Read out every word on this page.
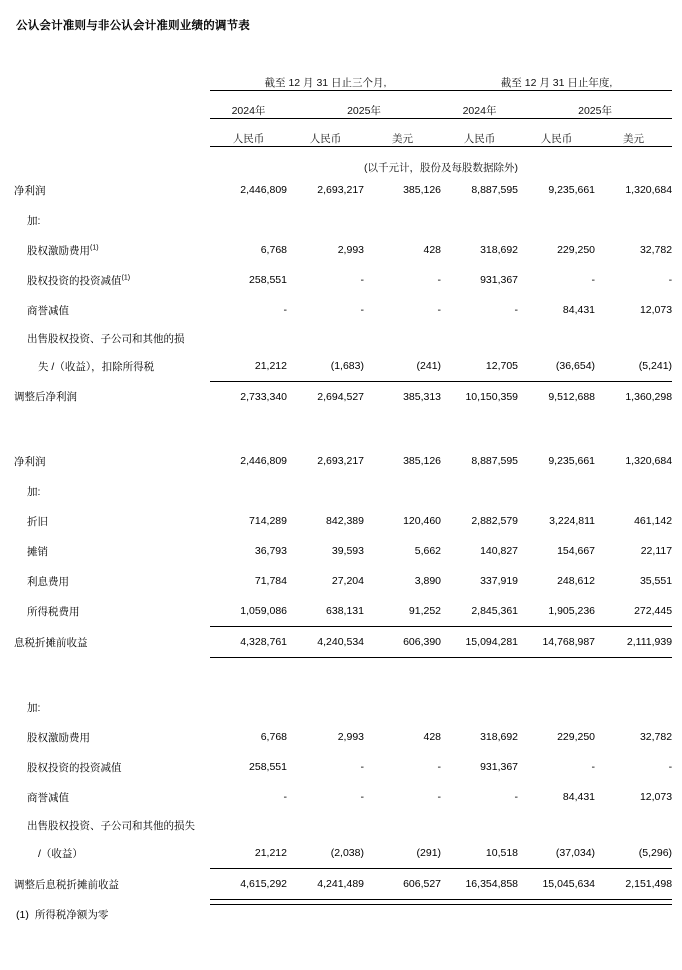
公认会计准则与非公认会计准则业绩的调节表
	截至 12 月 31 日止三个月,			截至 12 月 31 日止年度,		
	2024年	2025年		2024年	2025年	
	人民币	人民币	美元	人民币	人民币	美元
	(以千元计，股份及每股数据除外)					
净利润	2,446,809	2,693,217	385,126	8,887,595	9,235,661	1,320,684
加:						
股权激励费用$^{(1)}$	6,768	2,993	428	318,692	229,250	32,782
股权投资的投资减值$^{(1)}$	258,551	-	-	931,367	-	-
商誉减值	-	-	-	-	84,431	12,073
出售股权投资、子公司和其他的损						
失 /（收益），扣除所得税	21,212	(1,683)	(241)	12,705	(36,654)	(5,241)
调整后净利润	2,733,340	2,694,527	385,313	10,150,359	9,512,688	1,360,298

净利润	2,446,809	2,693,217	385,126	8,887,595	9,235,661	1,320,684
加:						
折旧	714,289	842,389	120,460	2,882,579	3,224,811	461,142
摊销	36,793	39,593	5,662	140,827	154,667	22,117
利息费用	71,784	27,204	3,890	337,919	248,612	35,551
所得税费用	1,059,086	638,131	91,252	2,845,361	1,905,236	272,445
息税折摊前收益	4,328,761	4,240,534	606,390	15,094,281	14,768,987	2,111,939

加:						
股权激励费用	6,768	2,993	428	318,692	229,250	32,782
股权投资的投资减值	258,551	-	-	931,367	-	-
商誉减值	-	-	-	-	84,431	12,073
出售股权投资、子公司和其他的损失						
/（收益）	21,212	(2,038)	(291)	10,518	(37,034)	(5,296)
调整后息税折摊前收益	4,615,292	4,241,489	606,527	16,354,858	15,045,634	2,151,498

(1) 所得税净额为零
